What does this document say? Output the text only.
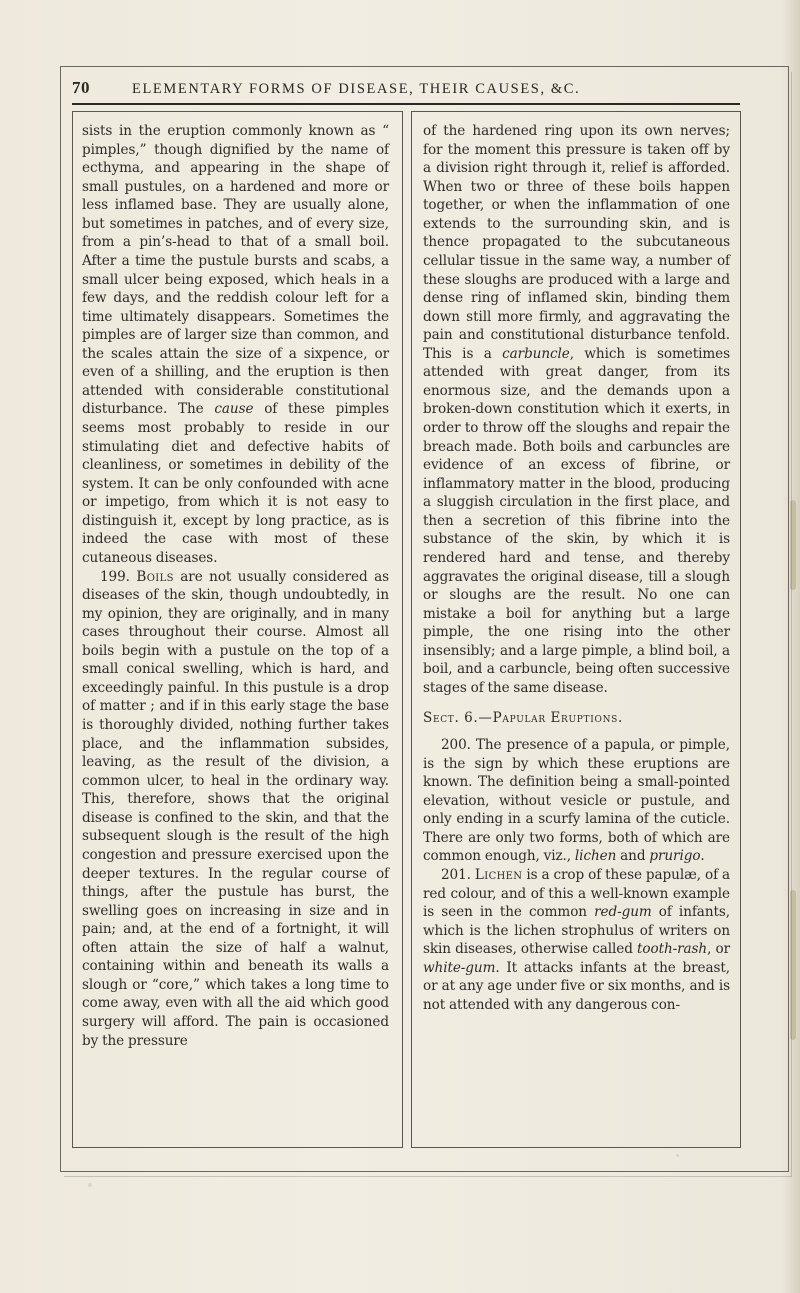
70	ELEMENTARY FORMS OF DISEASE, THEIR CAUSES, &C.

sists in the eruption commonly known as “ pimples,” though dignified by the name of ecthyma, and appearing in the shape of small pustules, on a hardened and more or less inflamed base. They are usually alone, but sometimes in patches, and of every size, from a pin’s-head to that of a small boil. After a time the pustule bursts and scabs, a small ulcer being exposed, which heals in a few days, and the reddish colour left for a time ultimately disappears. Sometimes the pimples are of larger size than common, and the scales attain the size of a sixpence, or even of a shilling, and the eruption is then attended with considerable constitutional disturbance. The cause of these pimples seems most probably to reside in our stimulating diet and defective habits of cleanliness, or sometimes in debility of the system. It can be only confounded with acne or impetigo, from which it is not easy to distinguish it, except by long practice, as is indeed the case with most of these cutaneous diseases.

199. Boils are not usually considered as diseases of the skin, though undoubtedly, in my opinion, they are originally, and in many cases throughout their course. Almost all boils begin with a pustule on the top of a small conical swelling, which is hard, and exceedingly painful. In this pustule is a drop of matter ; and if in this early stage the base is thoroughly divided, nothing further takes place, and the inflammation subsides, leaving, as the result of the division, a common ulcer, to heal in the ordinary way. This, therefore, shows that the original disease is confined to the skin, and that the subsequent slough is the result of the high congestion and pressure exercised upon the deeper textures. In the regular course of things, after the pustule has burst, the swelling goes on increasing in size and in pain; and, at the end of a fortnight, it will often attain the size of half a walnut, containing within and beneath its walls a slough or “core,” which takes a long time to come away, even with all the aid which good surgery will afford. The pain is occasioned by the pressure

of the hardened ring upon its own nerves; for the moment this pressure is taken off by a division right through it, relief is afforded. When two or three of these boils happen together, or when the inflammation of one extends to the surrounding skin, and is thence propagated to the subcutaneous cellular tissue in the same way, a number of these sloughs are produced with a large and dense ring of inflamed skin, binding them down still more firmly, and aggravating the pain and constitutional disturbance tenfold. This is a carbuncle, which is sometimes attended with great danger, from its enormous size, and the demands upon a broken-down constitution which it exerts, in order to throw off the sloughs and repair the breach made. Both boils and carbuncles are evidence of an excess of fibrine, or inflammatory matter in the blood, producing a sluggish circulation in the first place, and then a secretion of this fibrine into the substance of the skin, by which it is rendered hard and tense, and thereby aggravates the original disease, till a slough or sloughs are the result. No one can mistake a boil for anything but a large pimple, the one rising into the other insensibly; and a large pimple, a blind boil, a boil, and a carbuncle, being often successive stages of the same disease.

Sect. 6.—Papular Eruptions.

200. The presence of a papula, or pimple, is the sign by which these eruptions are known. The definition being a small-pointed elevation, without vesicle or pustule, and only ending in a scurfy lamina of the cuticle. There are only two forms, both of which are common enough, viz., lichen and prurigo.

201. Lichen is a crop of these papulæ, of a red colour, and of this a well-known example is seen in the common red-gum of infants, which is the lichen strophulus of writers on skin diseases, otherwise called tooth-rash, or white-gum. It attacks infants at the breast, or at any age under five or six months, and is not attended with any dangerous con-
